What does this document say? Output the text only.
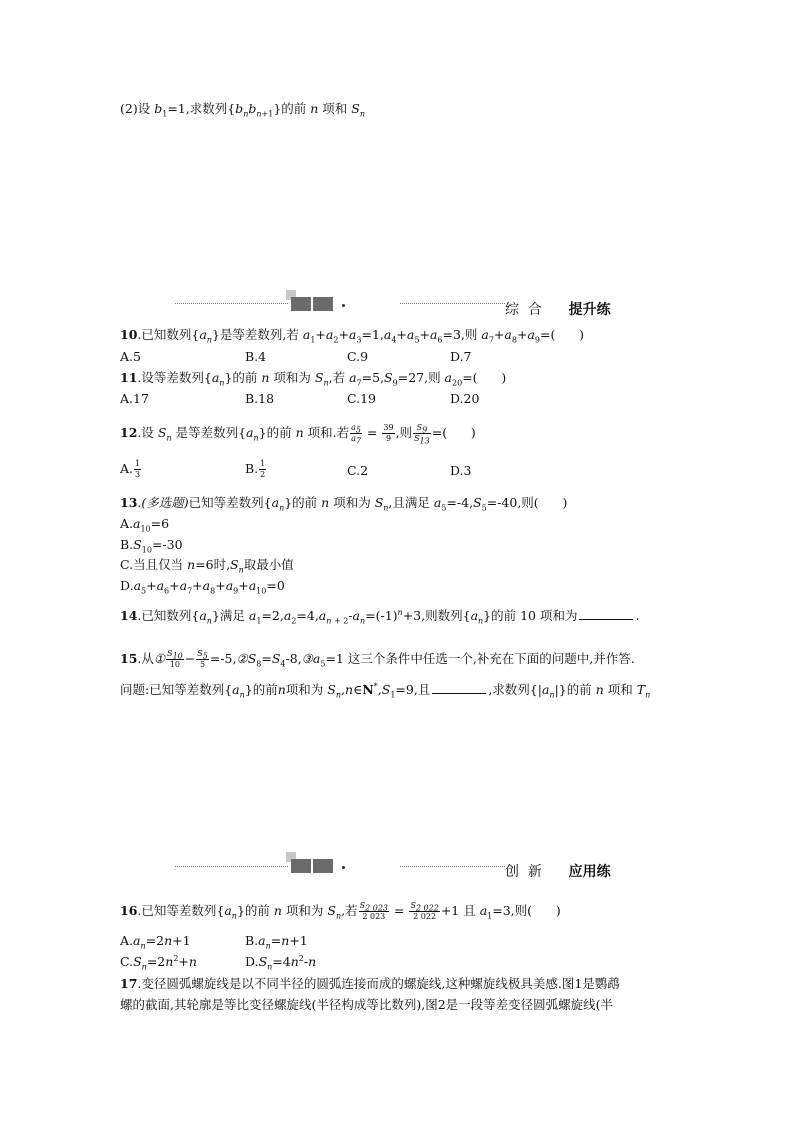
(2)设 $b_1=1$,求数列$\{b_nb_{n+1}\}$的前 n 项和 $S_n$
综  合 提升练
10.已知数列$\{a_n\}$是等差数列,若 $a_1+a_2+a_3=1,a_4+a_5+a_6=3$,则 $a_7+a_8+a_9=$(      )
A.5	B.4	C.9	D.7
11.设等差数列$\{a_n\}$的前 n 项和为 $S_n$,若 $a_7=5,S_9=27$,则 $a_{20}=$(      )
A.17	B.18	C.19	D.20
12.设 $S_n$ 是等差数列$\{a_n\}$的前 n 项和.若 $\frac{a_5}{a_7} = \frac{39}{9}$ ,则 $\frac{S_9}{S_{13}}$ =(      )
A. $\frac{1}{3}$	B. $\frac{1}{2}$	C.2	D.3
13.(多选题)已知等差数列$\{a_n\}$的前 n 项和为 $S_n$,且满足 $a_5=-4,S_5=-40$,则(      )
$A.a_{10}=6$
$B.S_{10}=-30$
C.当且仅当 n=6时$,S_n$取最小值
$D.a_5+a_6+a_7+a_8+a_9+a_{10}=0$
14.已知数列$\{a_n\}$满足 $a_1=2,a_2=4,a_{n + 2}-a_n=(-1)^n+3$,则数列$\{a_n\}$的前 10 项和为	.
15.从① $\frac{S_{10}}{10} - \frac{S_5}{5}$ $=-5,②S_8=S_4-8,③a_5=1$ 这三个条件中任选一个,补充在下面的问题中,并作答.
问题:已知等差数列$\{a_n\}$的前n项和为 $S_n,n\in N^*,S_1=9$,且	,求数列$\{|a_n|\}$的前 n 项和 $T_n$
创  新 应用练
16.已知等差数列$\{a_n\}$的前 n 项和为 $S_n$,若 $\frac{S_{2 023}}{2 023} = \frac{S_{2 022}}{2 022} +1$ 且 $a_1=3$,则(      )
$A.a_n=2n+1$	$B.a_n=n+1$
$C.S_n=2n^2+n$	$D.S_n=4n^2-n$
17.变径圆弧螺旋线是以不同半径的圆弧连接而成的螺旋线,这种螺旋线极具美感.图1是鹦鹉
螺的截面,其轮廓是等比变径螺旋线(半径构成等比数列),图2是一段等差变径圆弧螺旋线(半
